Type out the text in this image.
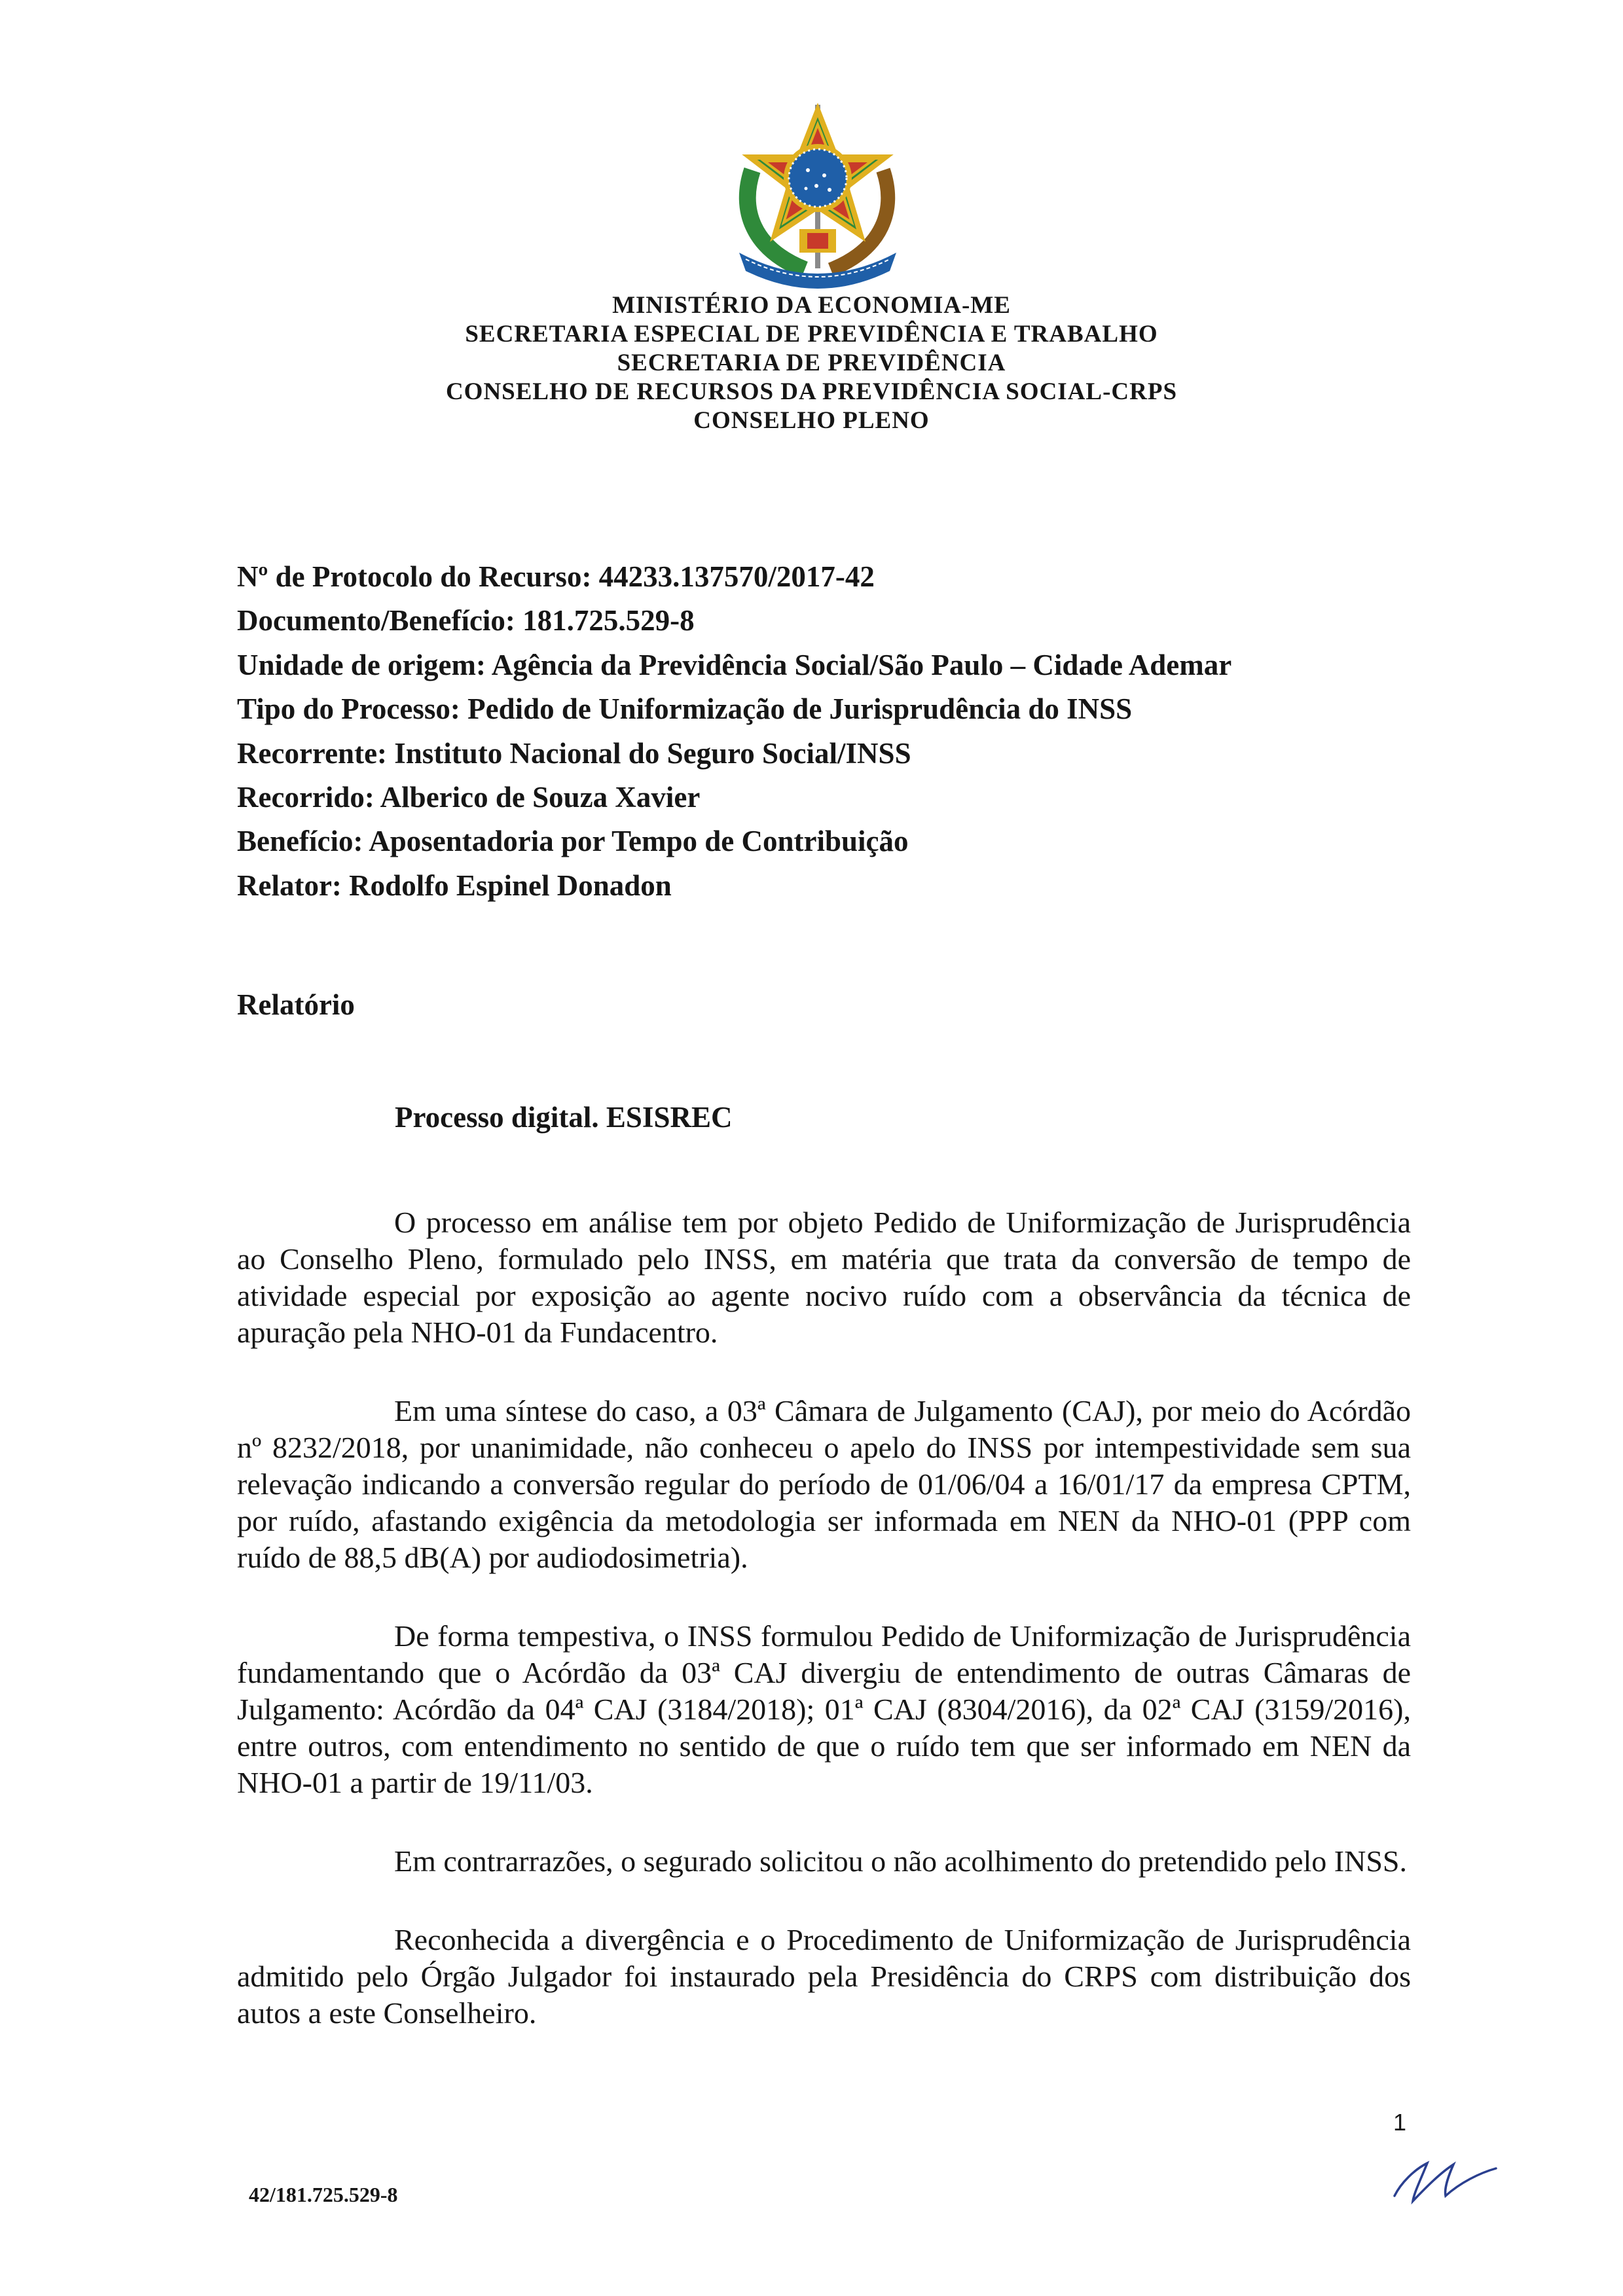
MINISTÉRIO DA ECONOMIA-ME
SECRETARIA ESPECIAL DE PREVIDÊNCIA E TRABALHO
SECRETARIA DE PREVIDÊNCIA
CONSELHO DE RECURSOS DA PREVIDÊNCIA SOCIAL-CRPS
CONSELHO PLENO
Nº de Protocolo do Recurso: 44233.137570/2017-42
Documento/Benefício: 181.725.529-8
Unidade de origem: Agência da Previdência Social/São Paulo – Cidade Ademar
Tipo do Processo: Pedido de Uniformização de Jurisprudência do INSS
Recorrente: Instituto Nacional do Seguro Social/INSS
Recorrido: Alberico de Souza Xavier
Benefício: Aposentadoria por Tempo de Contribuição
Relator: Rodolfo Espinel Donadon
Relatório
Processo digital. ESISREC

O processo em análise tem por objeto Pedido de Uniformização de Jurisprudência ao Conselho Pleno, formulado pelo INSS, em matéria que trata da conversão de tempo de atividade especial por exposição ao agente nocivo ruído com a observância da técnica de apuração pela NHO-01 da Fundacentro.

Em uma síntese do caso, a 03ª Câmara de Julgamento (CAJ), por meio do Acórdão nº 8232/2018, por unanimidade, não conheceu o apelo do INSS por intempestividade sem sua relevação indicando a conversão regular do período de 01/06/04 a 16/01/17 da empresa CPTM, por ruído, afastando exigência da metodologia ser informada em NEN da NHO-01 (PPP com ruído de 88,5 dB(A) por audiodosimetria).

De forma tempestiva, o INSS formulou Pedido de Uniformização de Jurisprudência fundamentando que o Acórdão da 03ª CAJ divergiu de entendimento de outras Câmaras de Julgamento: Acórdão da 04ª CAJ (3184/2018); 01ª CAJ (8304/2016), da 02ª CAJ (3159/2016), entre outros, com entendimento no sentido de que o ruído tem que ser informado em NEN da NHO-01 a partir de 19/11/03.

Em contrarrazões, o segurado solicitou o não acolhimento do pretendido pelo INSS.

Reconhecida a divergência e o Procedimento de Uniformização de Jurisprudência admitido pelo Órgão Julgador foi instaurado pela Presidência do CRPS com distribuição dos autos a este Conselheiro.

1
42/181.725.529-8
